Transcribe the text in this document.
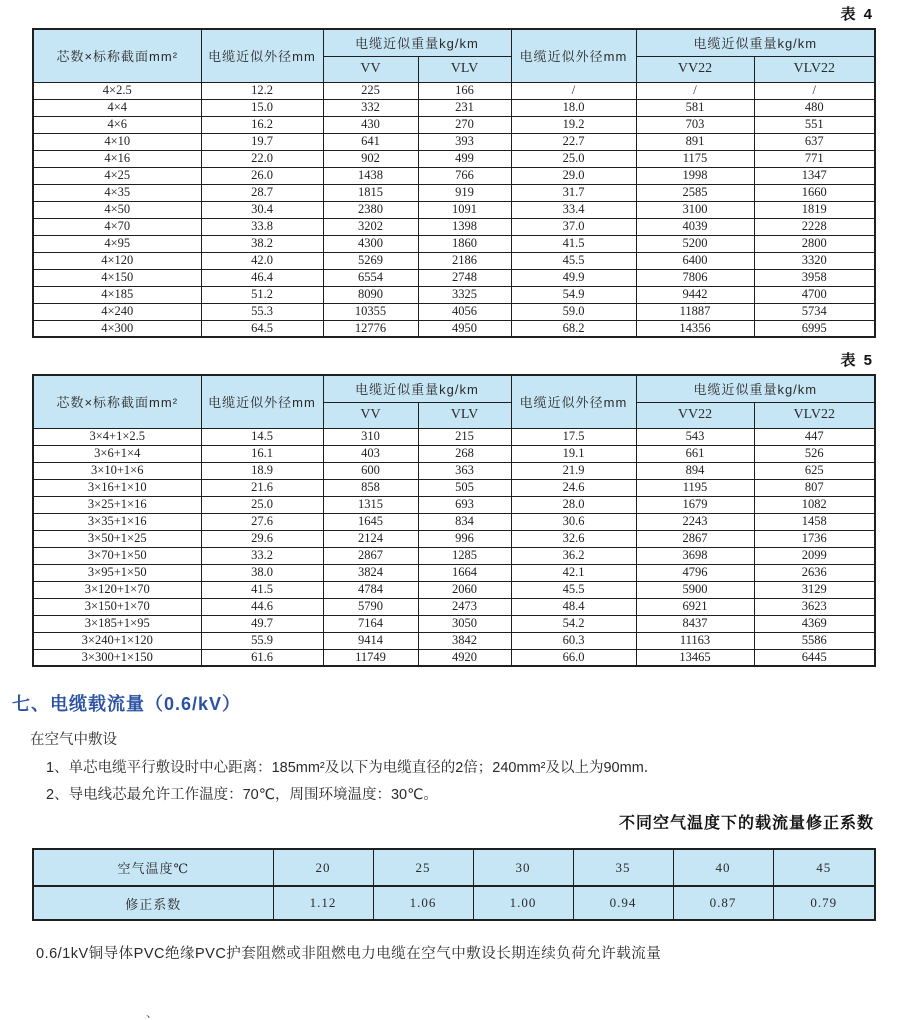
表 4
芯数×标称截面mm²	电缆近似外径mm	电缆近似重量kg/km		电缆近似外径mm	电缆近似重量kg/km	
		VV	VLV		VV22	VLV22
4×2.5	12.2	225	166	/	/	/
4×4	15.0	332	231	18.0	581	480
4×6	16.2	430	270	19.2	703	551
4×10	19.7	641	393	22.7	891	637
4×16	22.0	902	499	25.0	1175	771
4×25	26.0	1438	766	29.0	1998	1347
4×35	28.7	1815	919	31.7	2585	1660
4×50	30.4	2380	1091	33.4	3100	1819
4×70	33.8	3202	1398	37.0	4039	2228
4×95	38.2	4300	1860	41.5	5200	2800
4×120	42.0	5269	2186	45.5	6400	3320
4×150	46.4	6554	2748	49.9	7806	3958
4×185	51.2	8090	3325	54.9	9442	4700
4×240	55.3	10355	4056	59.0	11887	5734
4×300	64.5	12776	4950	68.2	14356	6995
表 5
芯数×标称截面mm²	电缆近似外径mm	电缆近似重量kg/km		电缆近似外径mm	电缆近似重量kg/km	
		VV	VLV		VV22	VLV22
3×4+1×2.5	14.5	310	215	17.5	543	447
3×6+1×4	16.1	403	268	19.1	661	526
3×10+1×6	18.9	600	363	21.9	894	625
3×16+1×10	21.6	858	505	24.6	1195	807
3×25+1×16	25.0	1315	693	28.0	1679	1082
3×35+1×16	27.6	1645	834	30.6	2243	1458
3×50+1×25	29.6	2124	996	32.6	2867	1736
3×70+1×50	33.2	2867	1285	36.2	3698	2099
3×95+1×50	38.0	3824	1664	42.1	4796	2636
3×120+1×70	41.5	4784	2060	45.5	5900	3129
3×150+1×70	44.6	5790	2473	48.4	6921	3623
3×185+1×95	49.7	7164	3050	54.2	8437	4369
3×240+1×120	55.9	9414	3842	60.3	11163	5586
3×300+1×150	61.6	11749	4920	66.0	13465	6445
七、电缆载流量（0.6/kV）

在空气中敷设

1、单芯电缆平行敷设时中心距离：185mm²及以下为电缆直径的2倍；240mm²及以上为90mm．

2、导电线芯最允许工作温度：70℃，周围环境温度：30℃。

不同空气温度下的载流量修正系数
空气温度℃	20	25	30	35	40	45
修正系数	1.12	1.06	1.00	0.94	0.87	0.79

0.6/1kV铜导体PVC绝缘PVC护套阻燃或非阻燃电力电缆在空气中敷设长期连续负荷允许载流量

、
